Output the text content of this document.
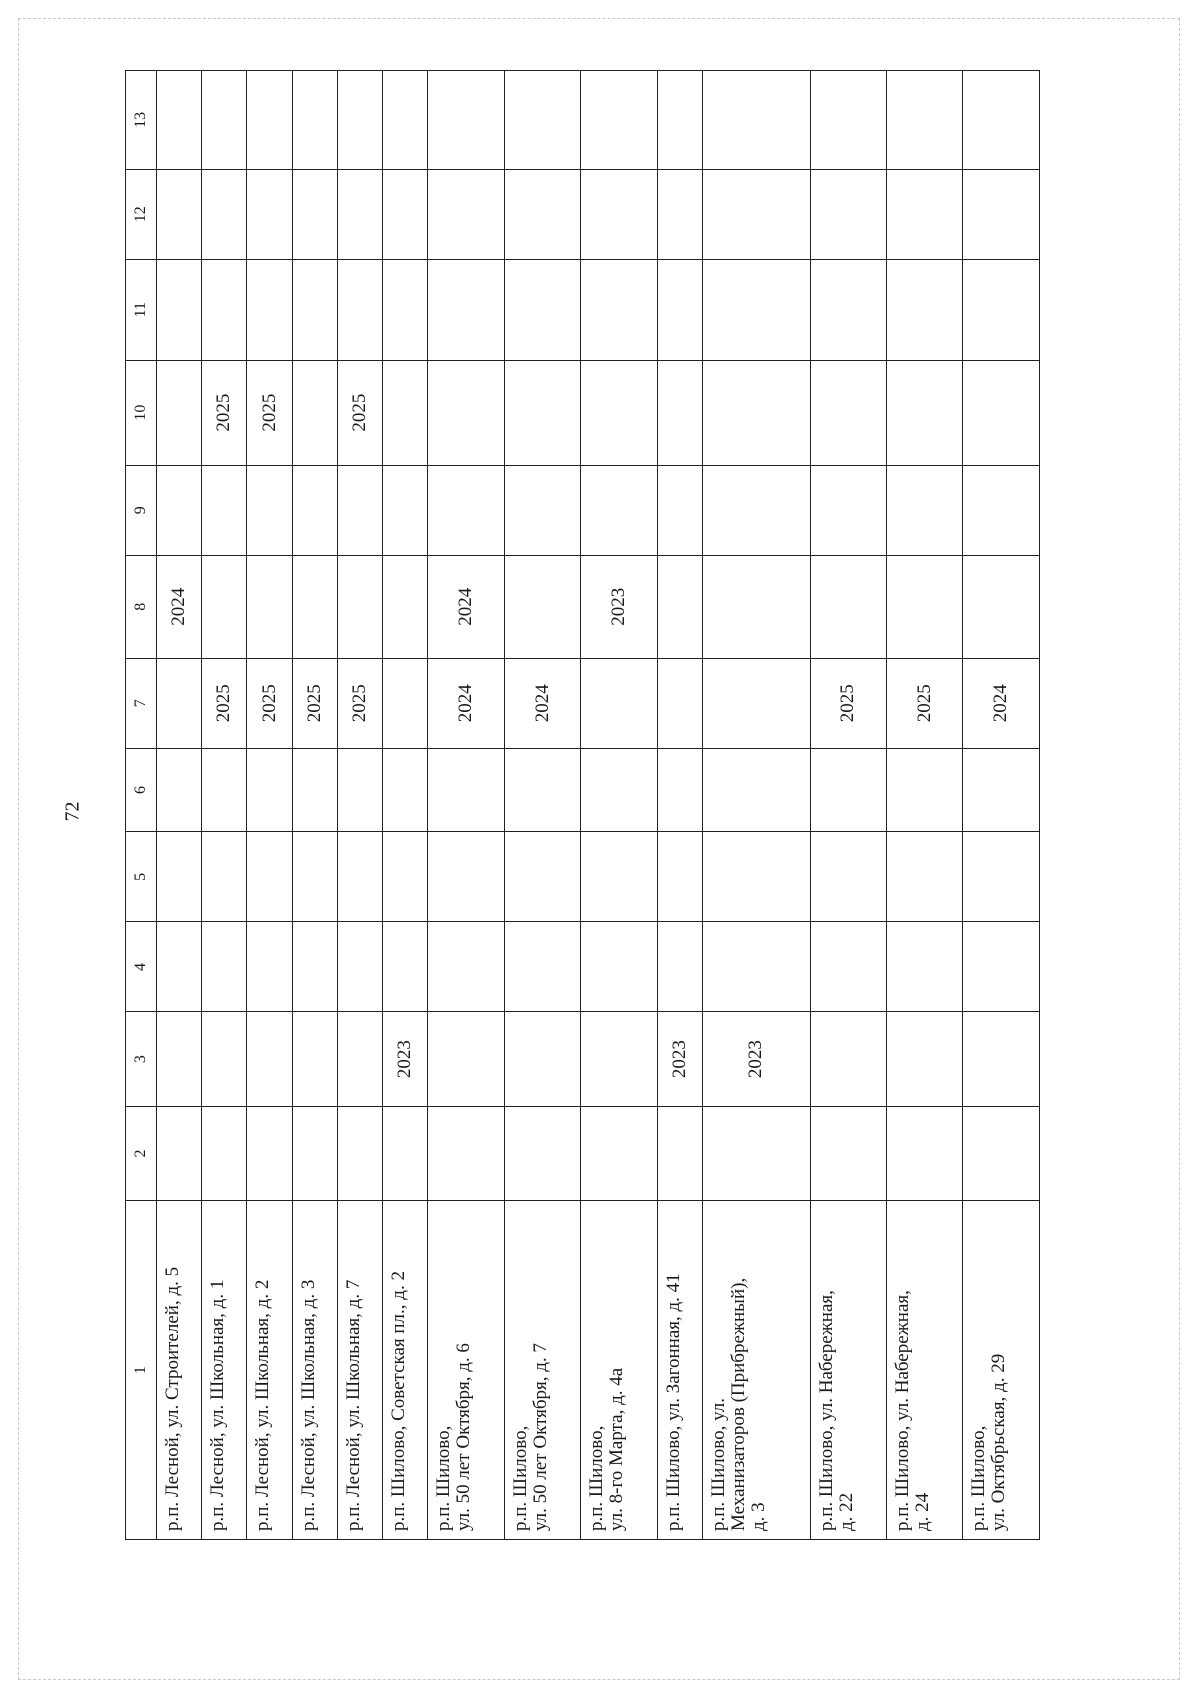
72
1	2	3	4	5	6	7	8	9	10	11	12	13
р.п. Лесной, ул. Строителей, д. 5							2024					
р.п. Лесной, ул. Школьная, д. 1						2025			2025			
р.п. Лесной, ул. Школьная, д. 2						2025			2025			
р.п. Лесной, ул. Школьная, д. 3						2025						
р.п. Лесной, ул. Школьная, д. 7						2025			2025			
р.п. Шилово, Советская пл., д. 2		2023										
р.п. Шилово,
ул. 50 лет Октября, д. 6						2024	2024					
р.п. Шилово,
ул. 50 лет Октября, д. 7						2024						
р.п. Шилово,
ул. 8-го Марта, д. 4а							2023					
р.п. Шилово, ул. Загонная, д. 41		2023										
р.п. Шилово, ул.
Механизаторов (Прибрежный),
д. 3		2023										
р.п. Шилово, ул. Набережная,
д. 22						2025						
р.п. Шилово, ул. Набережная,
д. 24						2025						
р.п. Шилово,
ул. Октябрьская, д. 29						2024						
